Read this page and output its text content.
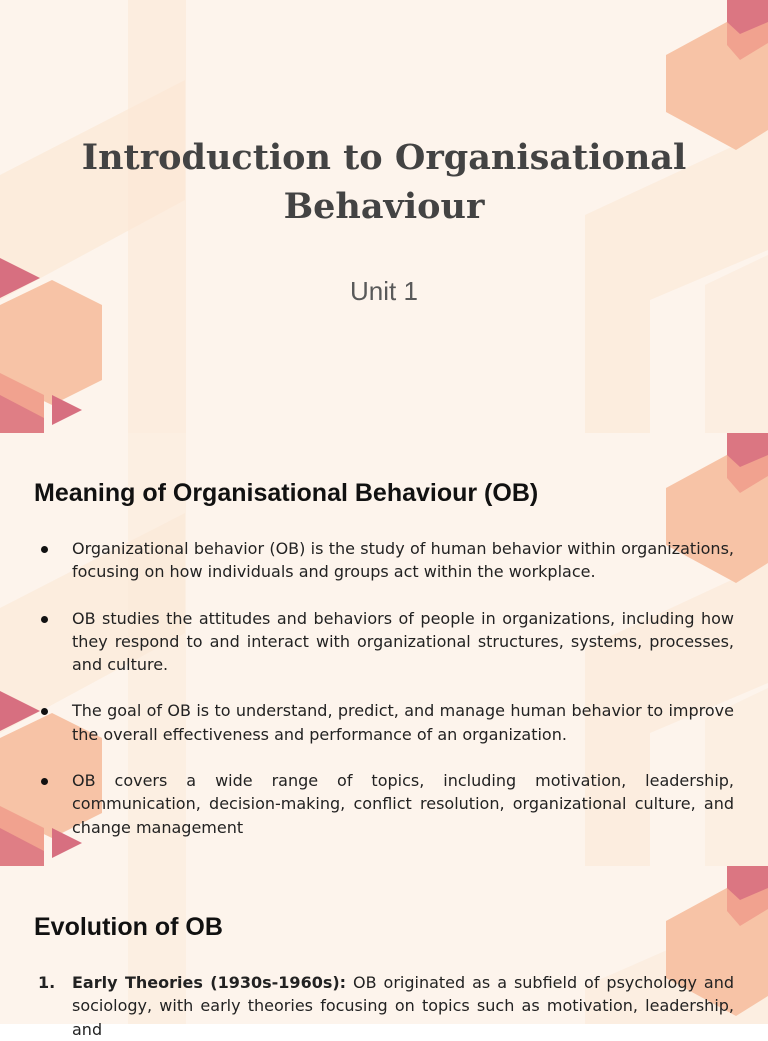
Introduction to Organisational Behaviour

Unit 1

Meaning of Organisational Behaviour (OB)
Organizational behavior (OB) is the study of human behavior within organizations, focusing on how individuals and groups act within the workplace.
OB studies the attitudes and behaviors of people in organizations, including how they respond to and interact with organizational structures, systems, processes, and culture.
The goal of OB is to understand, predict, and manage human behavior to improve the overall effectiveness and performance of an organization.
OB covers a wide range of topics, including motivation, leadership, communication, decision-making, conflict resolution, organizational culture, and change management
Evolution of OB
1. Early Theories (1930s-1960s): OB originated as a subfield of psychology and sociology, with early theories focusing on topics such as motivation, leadership, and
